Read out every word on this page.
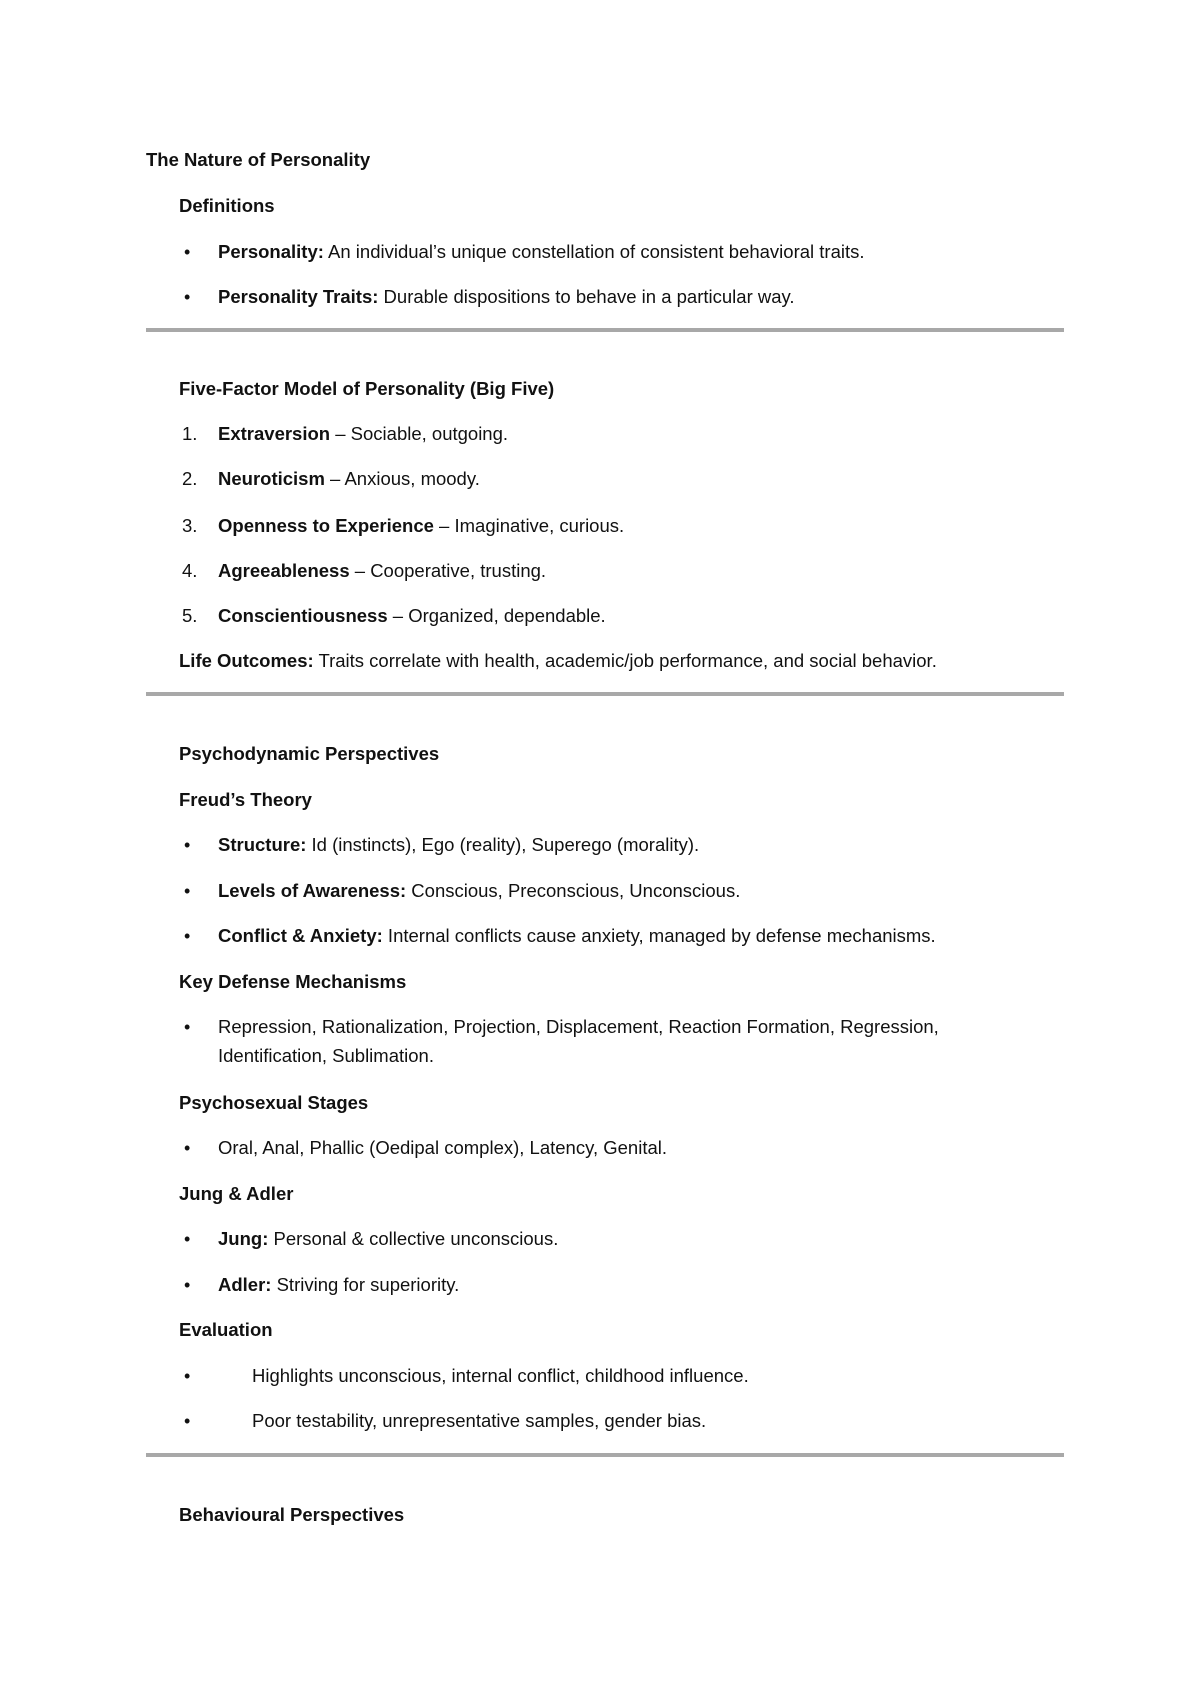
The Nature of Personality
Definitions
• Personality: An individual’s unique constellation of consistent behavioral traits.
• Personality Traits: Durable dispositions to behave in a particular way.
Five-Factor Model of Personality (Big Five)
1. Extraversion – Sociable, outgoing.
2. Neuroticism – Anxious, moody.
3. Openness to Experience – Imaginative, curious.
4. Agreeableness – Cooperative, trusting.
5. Conscientiousness – Organized, dependable.
Life Outcomes: Traits correlate with health, academic/job performance, and social behavior.
Psychodynamic Perspectives
Freud’s Theory
• Structure: Id (instincts), Ego (reality), Superego (morality).
• Levels of Awareness: Conscious, Preconscious, Unconscious.
• Conflict & Anxiety: Internal conflicts cause anxiety, managed by defense mechanisms.
Key Defense Mechanisms
• Repression, Rationalization, Projection, Displacement, Reaction Formation, Regression,
Identification, Sublimation.
Psychosexual Stages
• Oral, Anal, Phallic (Oedipal complex), Latency, Genital.
Jung & Adler
• Jung: Personal & collective unconscious.
• Adler: Striving for superiority.
Evaluation
•	Highlights unconscious, internal conflict, childhood influence.
•	Poor testability, unrepresentative samples, gender bias.
Behavioural Perspectives
